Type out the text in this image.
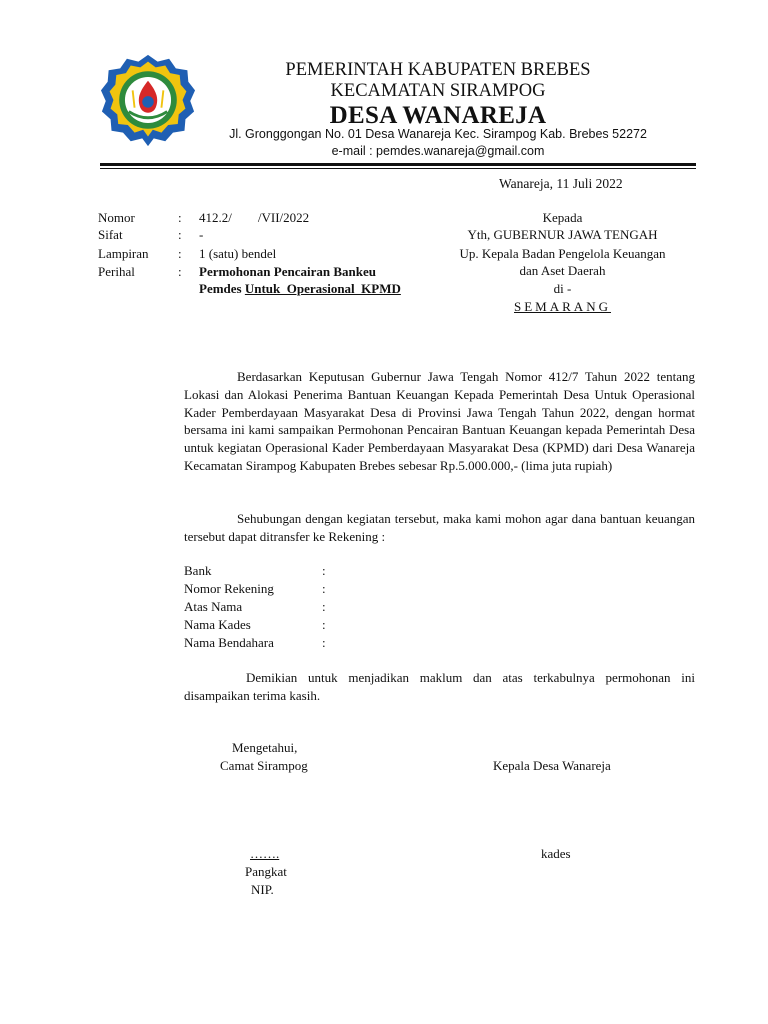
PEMERINTAH KABUPATEN BREBES
KECAMATAN SIRAMPOG
DESA WANAREJA
Jl. Gronggongan No. 01 Desa Wanareja Kec. Sirampog Kab. Brebes 52272
e-mail : pemdes.wanareja@gmail.com
Wanareja, 11 Juli 2022
Nomor	: 412.2/        /VII/2022
Sifat	: -
Lampiran : 1 (satu) bendel
Perihal	: Permohonan Pencairan Bankeu
Pemdes Untuk  Operasional  KPMD
Kepada
Yth, GUBERNUR JAWA TENGAH
Up. Kepala Badan Pengelola Keuangan
dan Aset Daerah
di -
SEMARANG
Berdasarkan Keputusan Gubernur Jawa Tengah Nomor 412/7 Tahun 2022 tentang Lokasi dan Alokasi Penerima Bantuan Keuangan Kepada Pemerintah Desa Untuk Operasional Kader Pemberdayaan Masyarakat Desa di Provinsi Jawa Tengah Tahun 2022, dengan hormat bersama ini kami sampaikan Permohonan Pencairan Bantuan Keuangan kepada Pemerintah Desa untuk kegiatan Operasional Kader Pemberdayaan Masyarakat Desa (KPMD) dari Desa Wanareja Kecamatan Sirampog Kabupaten Brebes sebesar Rp.5.000.000,- (lima juta rupiah)
Sehubungan dengan kegiatan tersebut, maka kami mohon agar dana bantuan keuangan tersebut dapat ditransfer ke Rekening :
Bank	:
Nomor Rekening	:
Atas Nama	:
Nama Kades	:
Nama Bendahara	:
Demikian untuk menjadikan maklum dan atas terkabulnya permohonan ini disampaikan terima kasih.
Mengetahui,
Camat Sirampog	Kepala Desa Wanareja
…….	kades
Pangkat
NIP.
